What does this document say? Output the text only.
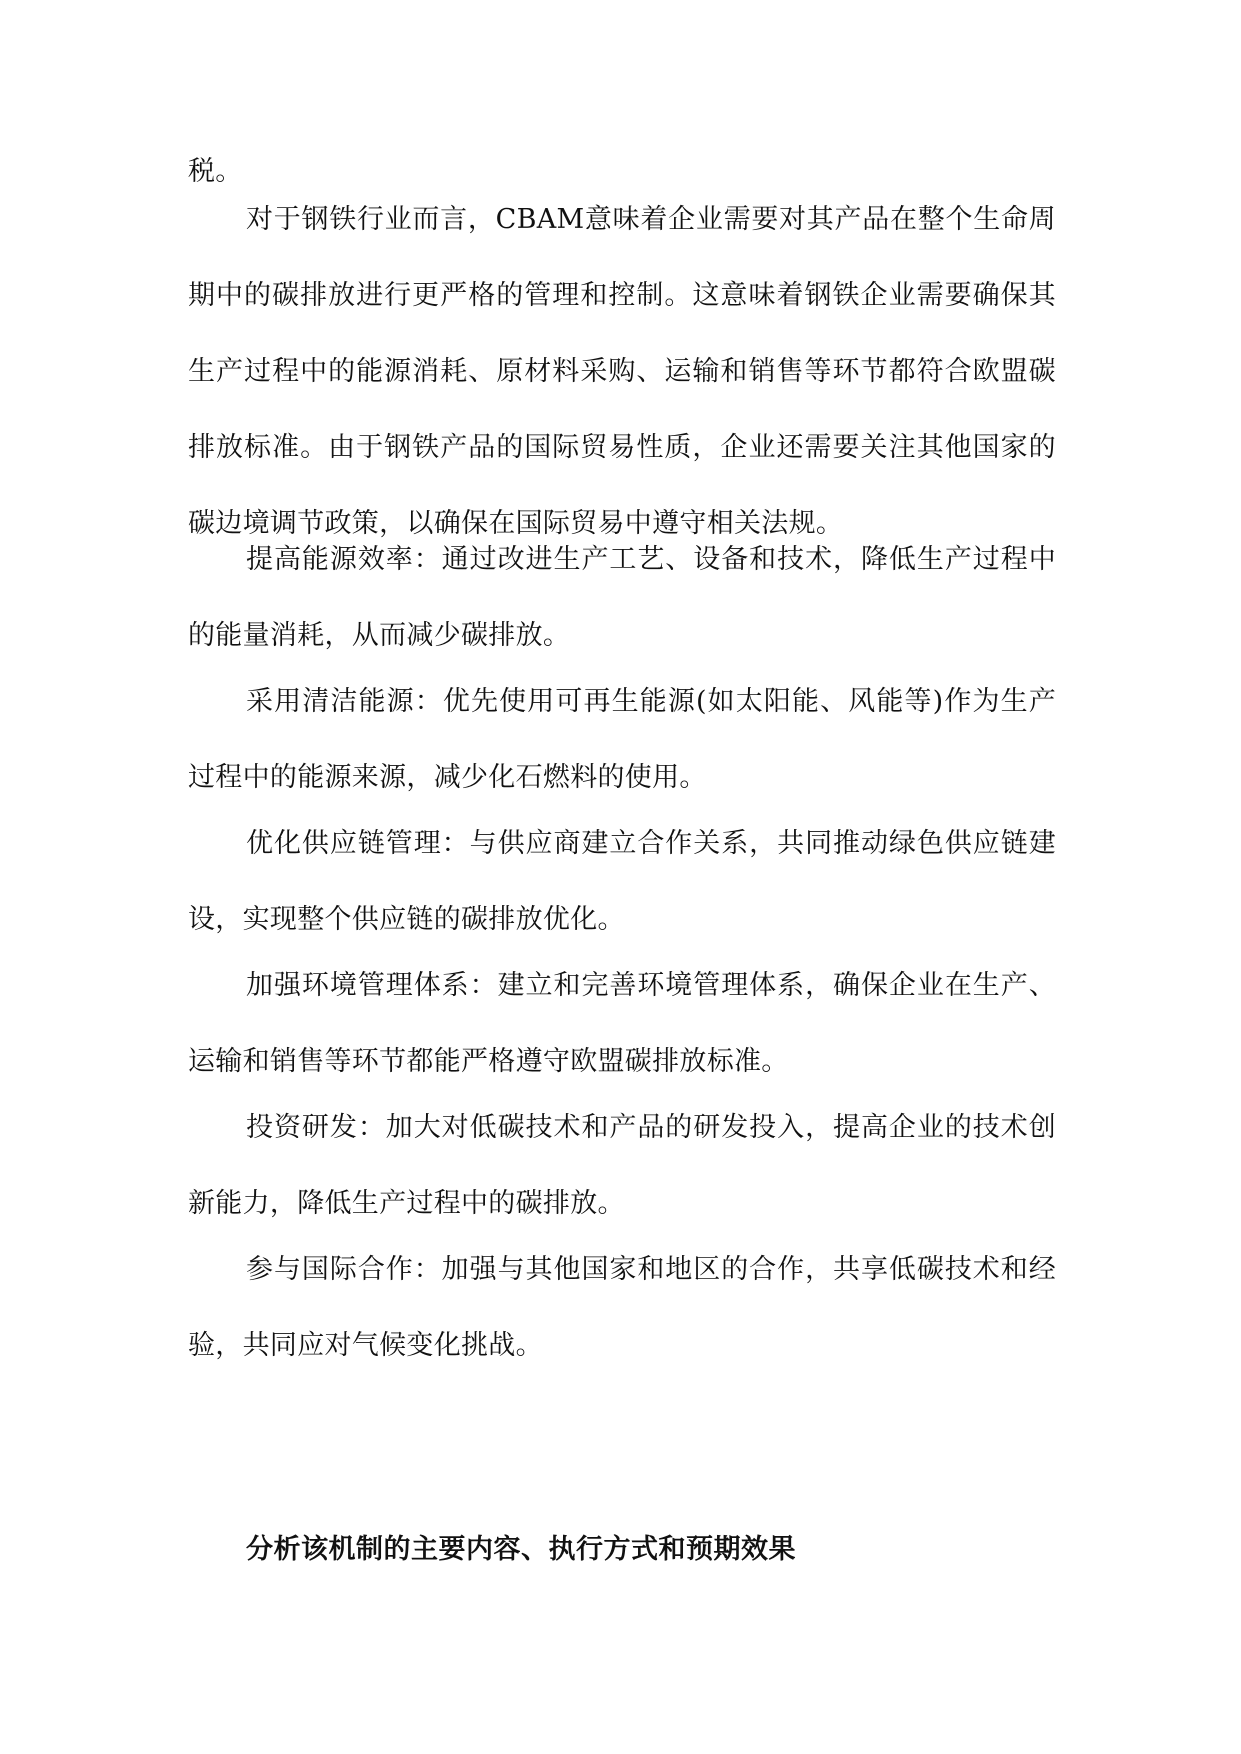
税。

对于钢铁行业而言，CBAM意味着企业需要对其产品在整个生命周期中的碳排放进行更严格的管理和控制。这意味着钢铁企业需要确保其生产过程中的能源消耗、原材料采购、运输和销售等环节都符合欧盟碳排放标准。由于钢铁产品的国际贸易性质，企业还需要关注其他国家的碳边境调节政策，以确保在国际贸易中遵守相关法规。

提高能源效率：通过改进生产工艺、设备和技术，降低生产过程中的能量消耗，从而减少碳排放。

采用清洁能源：优先使用可再生能源(如太阳能、风能等)作为生产过程中的能源来源，减少化石燃料的使用。

优化供应链管理：与供应商建立合作关系，共同推动绿色供应链建设，实现整个供应链的碳排放优化。

加强环境管理体系：建立和完善环境管理体系，确保企业在生产、运输和销售等环节都能严格遵守欧盟碳排放标准。

投资研发：加大对低碳技术和产品的研发投入，提高企业的技术创新能力，降低生产过程中的碳排放。

参与国际合作：加强与其他国家和地区的合作，共享低碳技术和经验，共同应对气候变化挑战。

分析该机制的主要内容、执行方式和预期效果
